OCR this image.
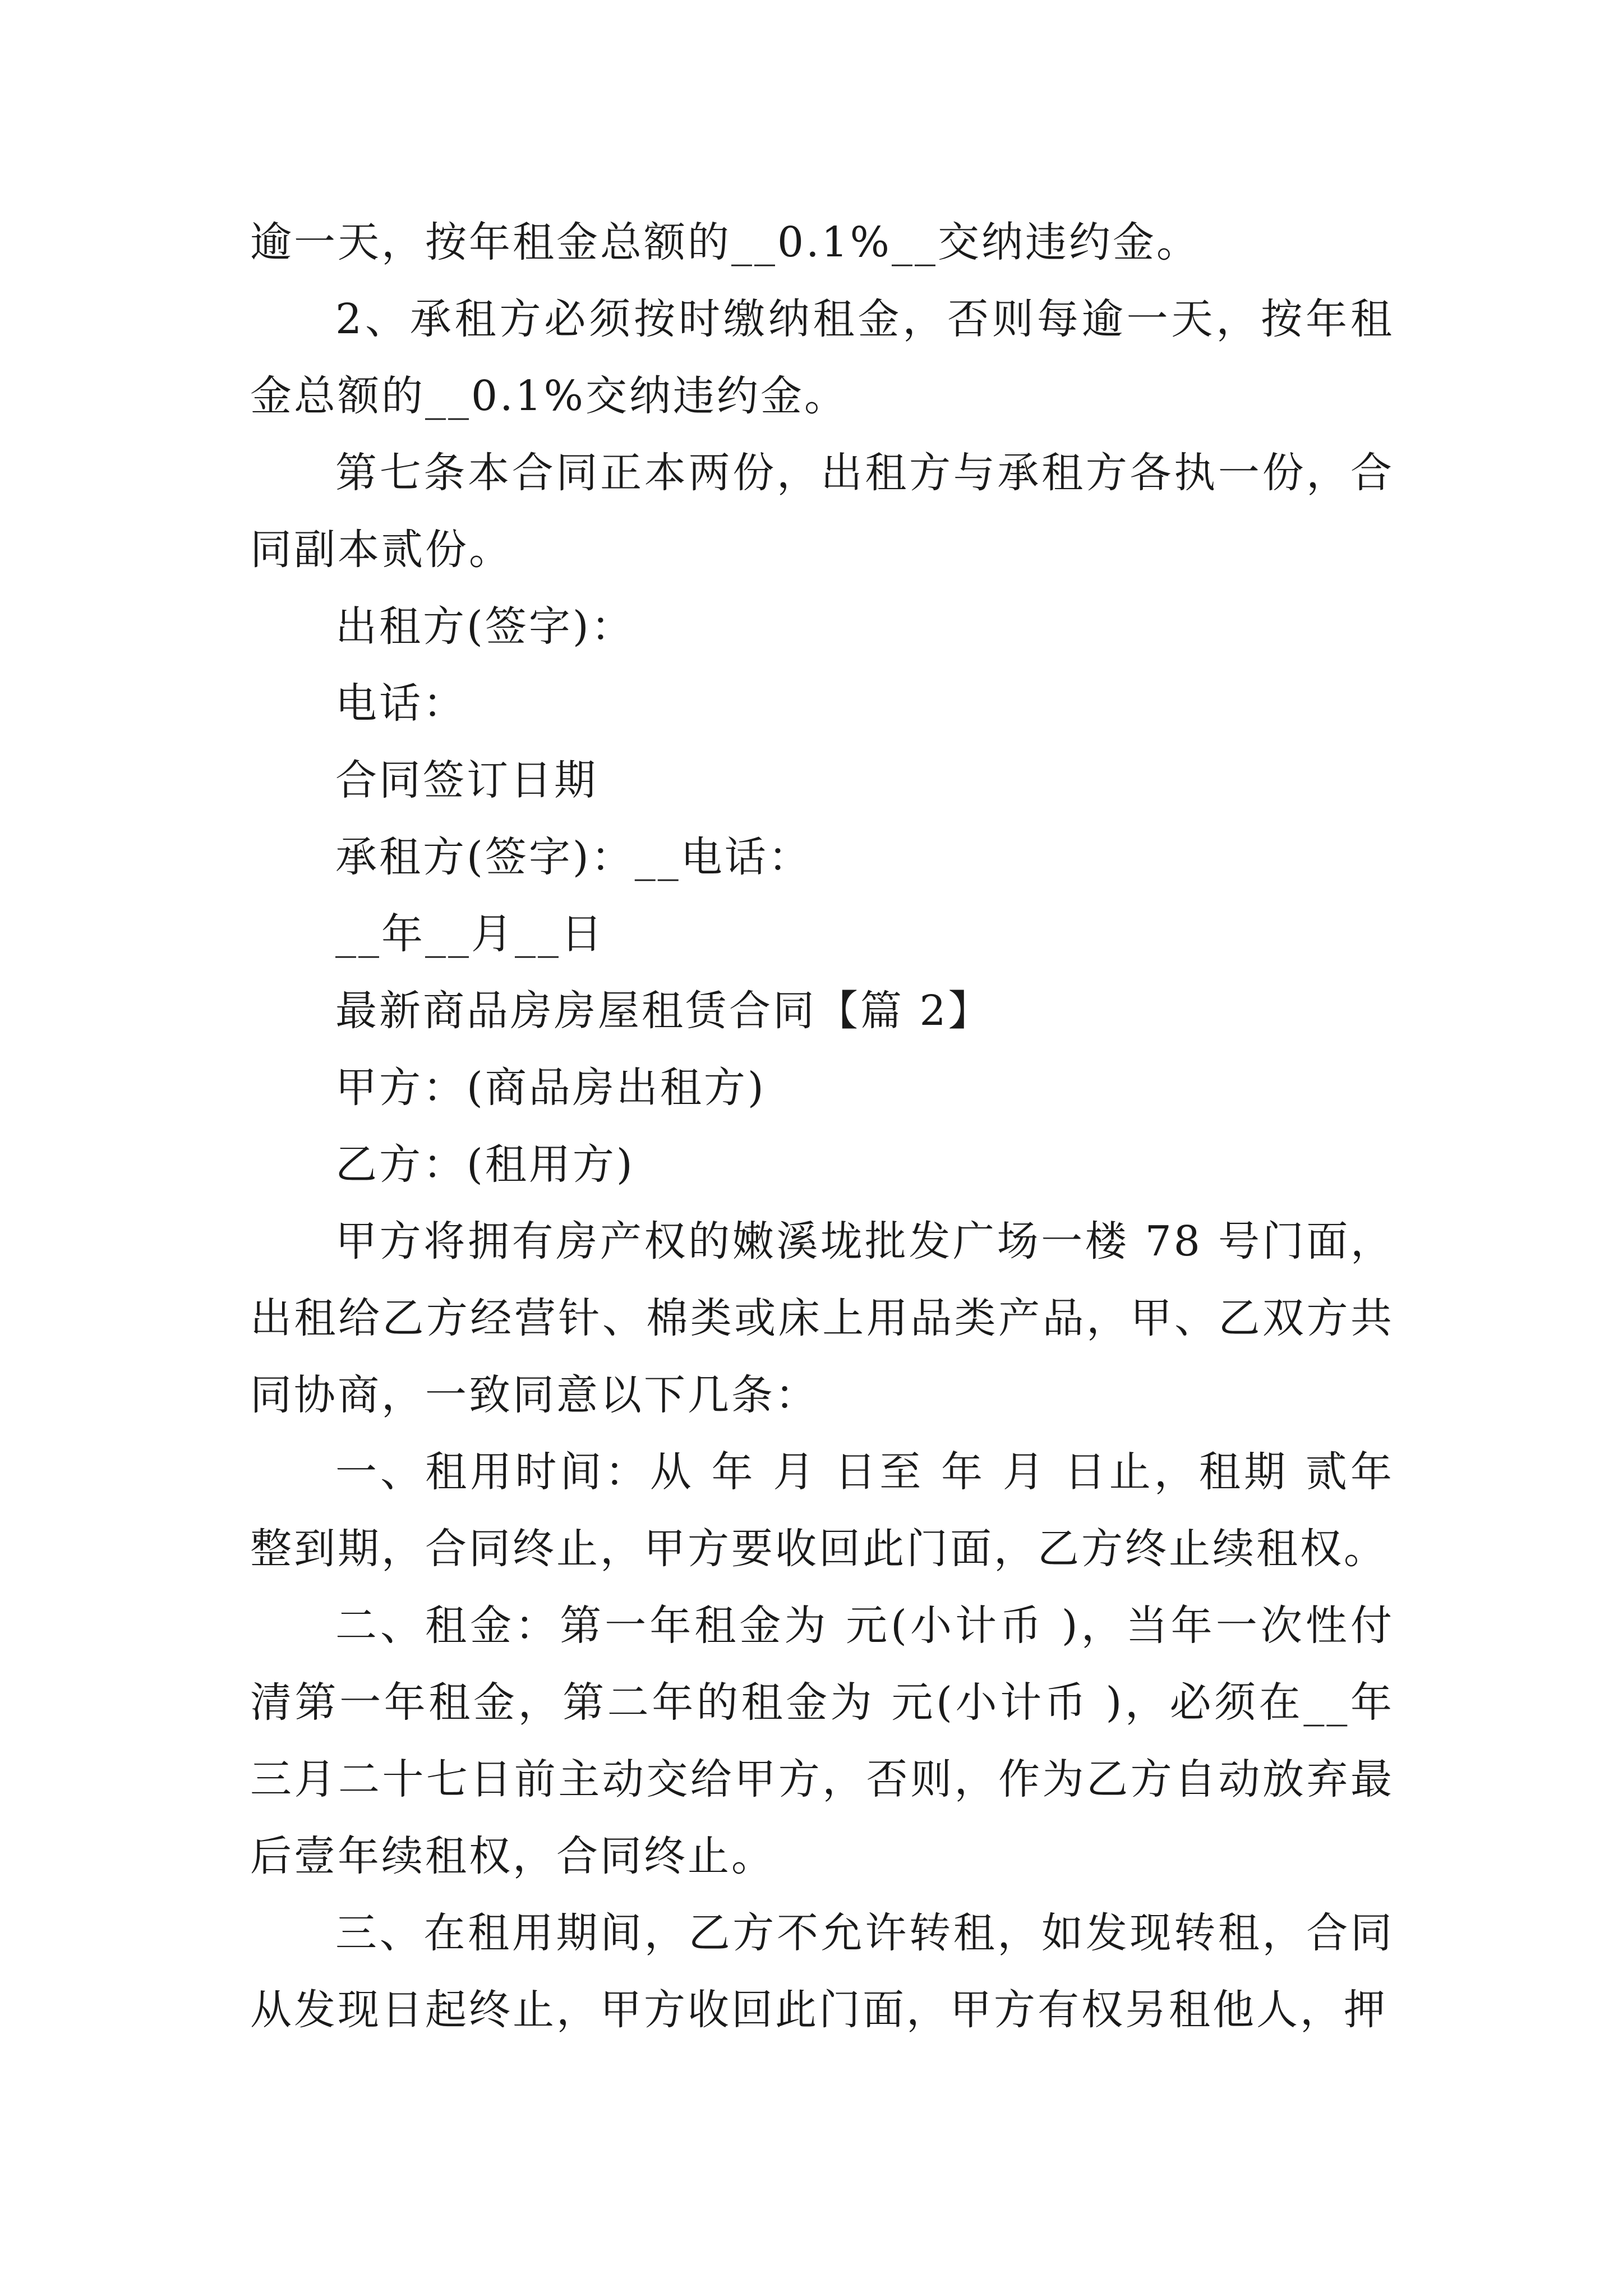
逾一天，按年租金总额的__0.1%__交纳违约金。

2、承租方必须按时缴纳租金，否则每逾一天，按年租金总额的__0.1%交纳违约金。

第七条本合同正本两份，出租方与承租方各执一份，合同副本贰份。

出租方(签字)：

电话：

合同签订日期

承租方(签字)：__电话：

__年__月__日

最新商品房房屋租赁合同【篇 2】

甲方：(商品房出租方)

乙方：(租用方)

甲方将拥有房产权的嫩溪垅批发广场一楼 78 号门面，出租给乙方经营针、棉类或床上用品类产品，甲、乙双方共同协商，一致同意以下几条：

一、租用时间：从 年 月 日至 年 月 日止，租期 贰年整到期，合同终止，甲方要收回此门面，乙方终止续租权。

二、租金：第一年租金为 元(小计币 )，当年一次性付清第一年租金，第二年的租金为 元(小计币 )，必须在__年三月二十七日前主动交给甲方，否则，作为乙方自动放弃最后壹年续租权，合同终止。

三、在租用期间，乙方不允许转租，如发现转租，合同从发现日起终止，甲方收回此门面，甲方有权另租他人，押
